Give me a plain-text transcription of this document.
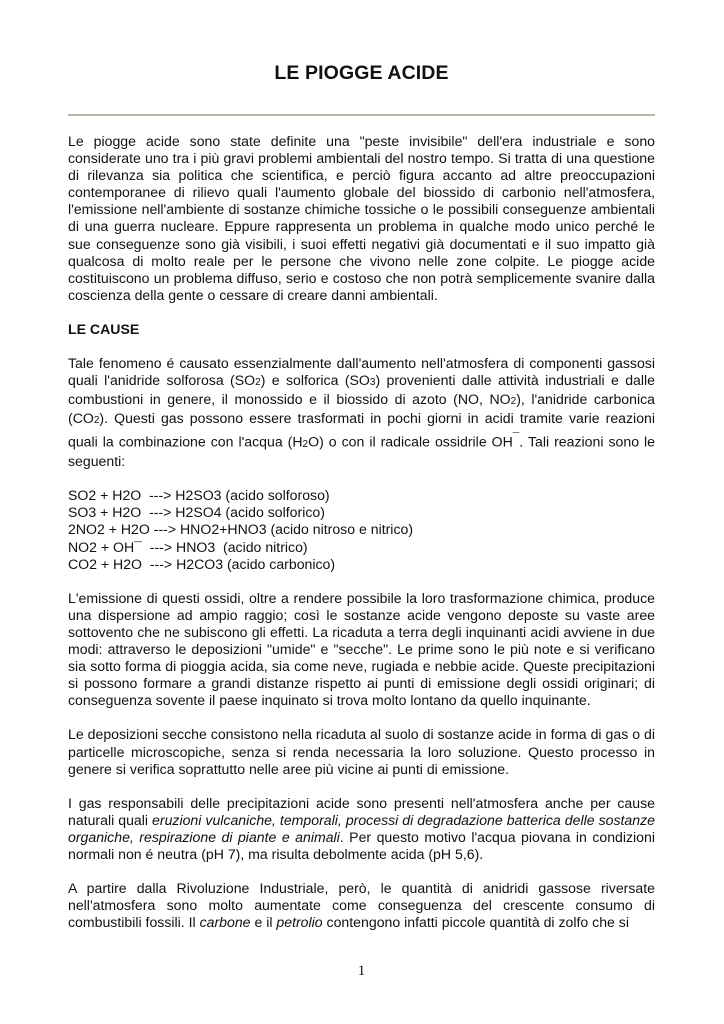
LE PIOGGE ACIDE

Le piogge acide sono state definite una "peste invisibile" dell'era industriale e sono considerate uno tra i più gravi problemi ambientali del nostro tempo. Si tratta di una questione di rilevanza sia politica che scientifica, e perciò figura accanto ad altre preoccupazioni contemporanee di rilievo quali l'aumento globale del biossido di carbonio nell'atmosfera, l'emissione nell'ambiente di sostanze chimiche tossiche o le possibili conseguenze ambientali di una guerra nucleare. Eppure rappresenta un problema in qualche modo unico perché le sue conseguenze sono già visibili, i suoi effetti negativi già documentati e il suo impatto già qualcosa di molto reale per le persone che vivono nelle zone colpite. Le piogge acide costituiscono un problema diffuso, serio e costoso che non potrà semplicemente svanire dalla coscienza della gente o cessare di creare danni ambientali.

LE CAUSE

Tale fenomeno é causato essenzialmente dall'aumento nell'atmosfera di componenti gassosi quali l'anidride solforosa (SO2) e solforica (SO3) provenienti dalle attività industriali e dalle combustioni in genere, il monossido e il biossido di azoto (NO, NO2), l'anidride carbonica (CO2). Questi gas possono essere trasformati in pochi giorni in acidi tramite varie reazioni quali la combinazione con l'acqua (H2O) o con il radicale ossidrile OH¯. Tali reazioni sono le seguenti:

SO2 + H2O  ---> H2SO3 (acido solforoso)
SO3 + H2O  ---> H2SO4 (acido solforico)
2NO2 + H2O ---> HNO2+HNO3 (acido nitroso e nitrico)
NO2 + OH¯  ---> HNO3  (acido nitrico)
CO2 + H2O  ---> H2CO3 (acido carbonico)

L'emissione di questi ossidi, oltre a rendere possibile la loro trasformazione chimica, produce una dispersione ad ampio raggio; così le sostanze acide vengono deposte su vaste aree sottovento che ne subiscono gli effetti. La ricaduta a terra degli inquinanti acidi avviene in due modi: attraverso le deposizioni "umide" e "secche". Le prime sono le più note e si verificano sia sotto forma di pioggia acida, sia come neve, rugiada e nebbie acide. Queste precipitazioni si possono formare a grandi distanze rispetto ai punti di emissione degli ossidi originari; di conseguenza sovente il paese inquinato si trova molto lontano da quello inquinante.

Le deposizioni secche consistono nella ricaduta al suolo di sostanze acide in forma di gas o di particelle microscopiche, senza si renda necessaria la loro soluzione. Questo processo in genere si verifica soprattutto nelle aree più vicine ai punti di emissione.

I gas responsabili delle precipitazioni acide sono presenti nell'atmosfera anche per cause naturali quali eruzioni vulcaniche, temporali, processi di degradazione batterica delle sostanze organiche, respirazione di piante e animali. Per questo motivo l'acqua piovana in condizioni normali non é neutra (pH 7), ma risulta debolmente acida (pH 5,6).

A partire dalla Rivoluzione Industriale, però, le quantità di anidridi gassose riversate nell'atmosfera sono molto aumentate come conseguenza del crescente consumo di combustibili fossili. Il carbone e il petrolio contengono infatti piccole quantità di zolfo che si

1
